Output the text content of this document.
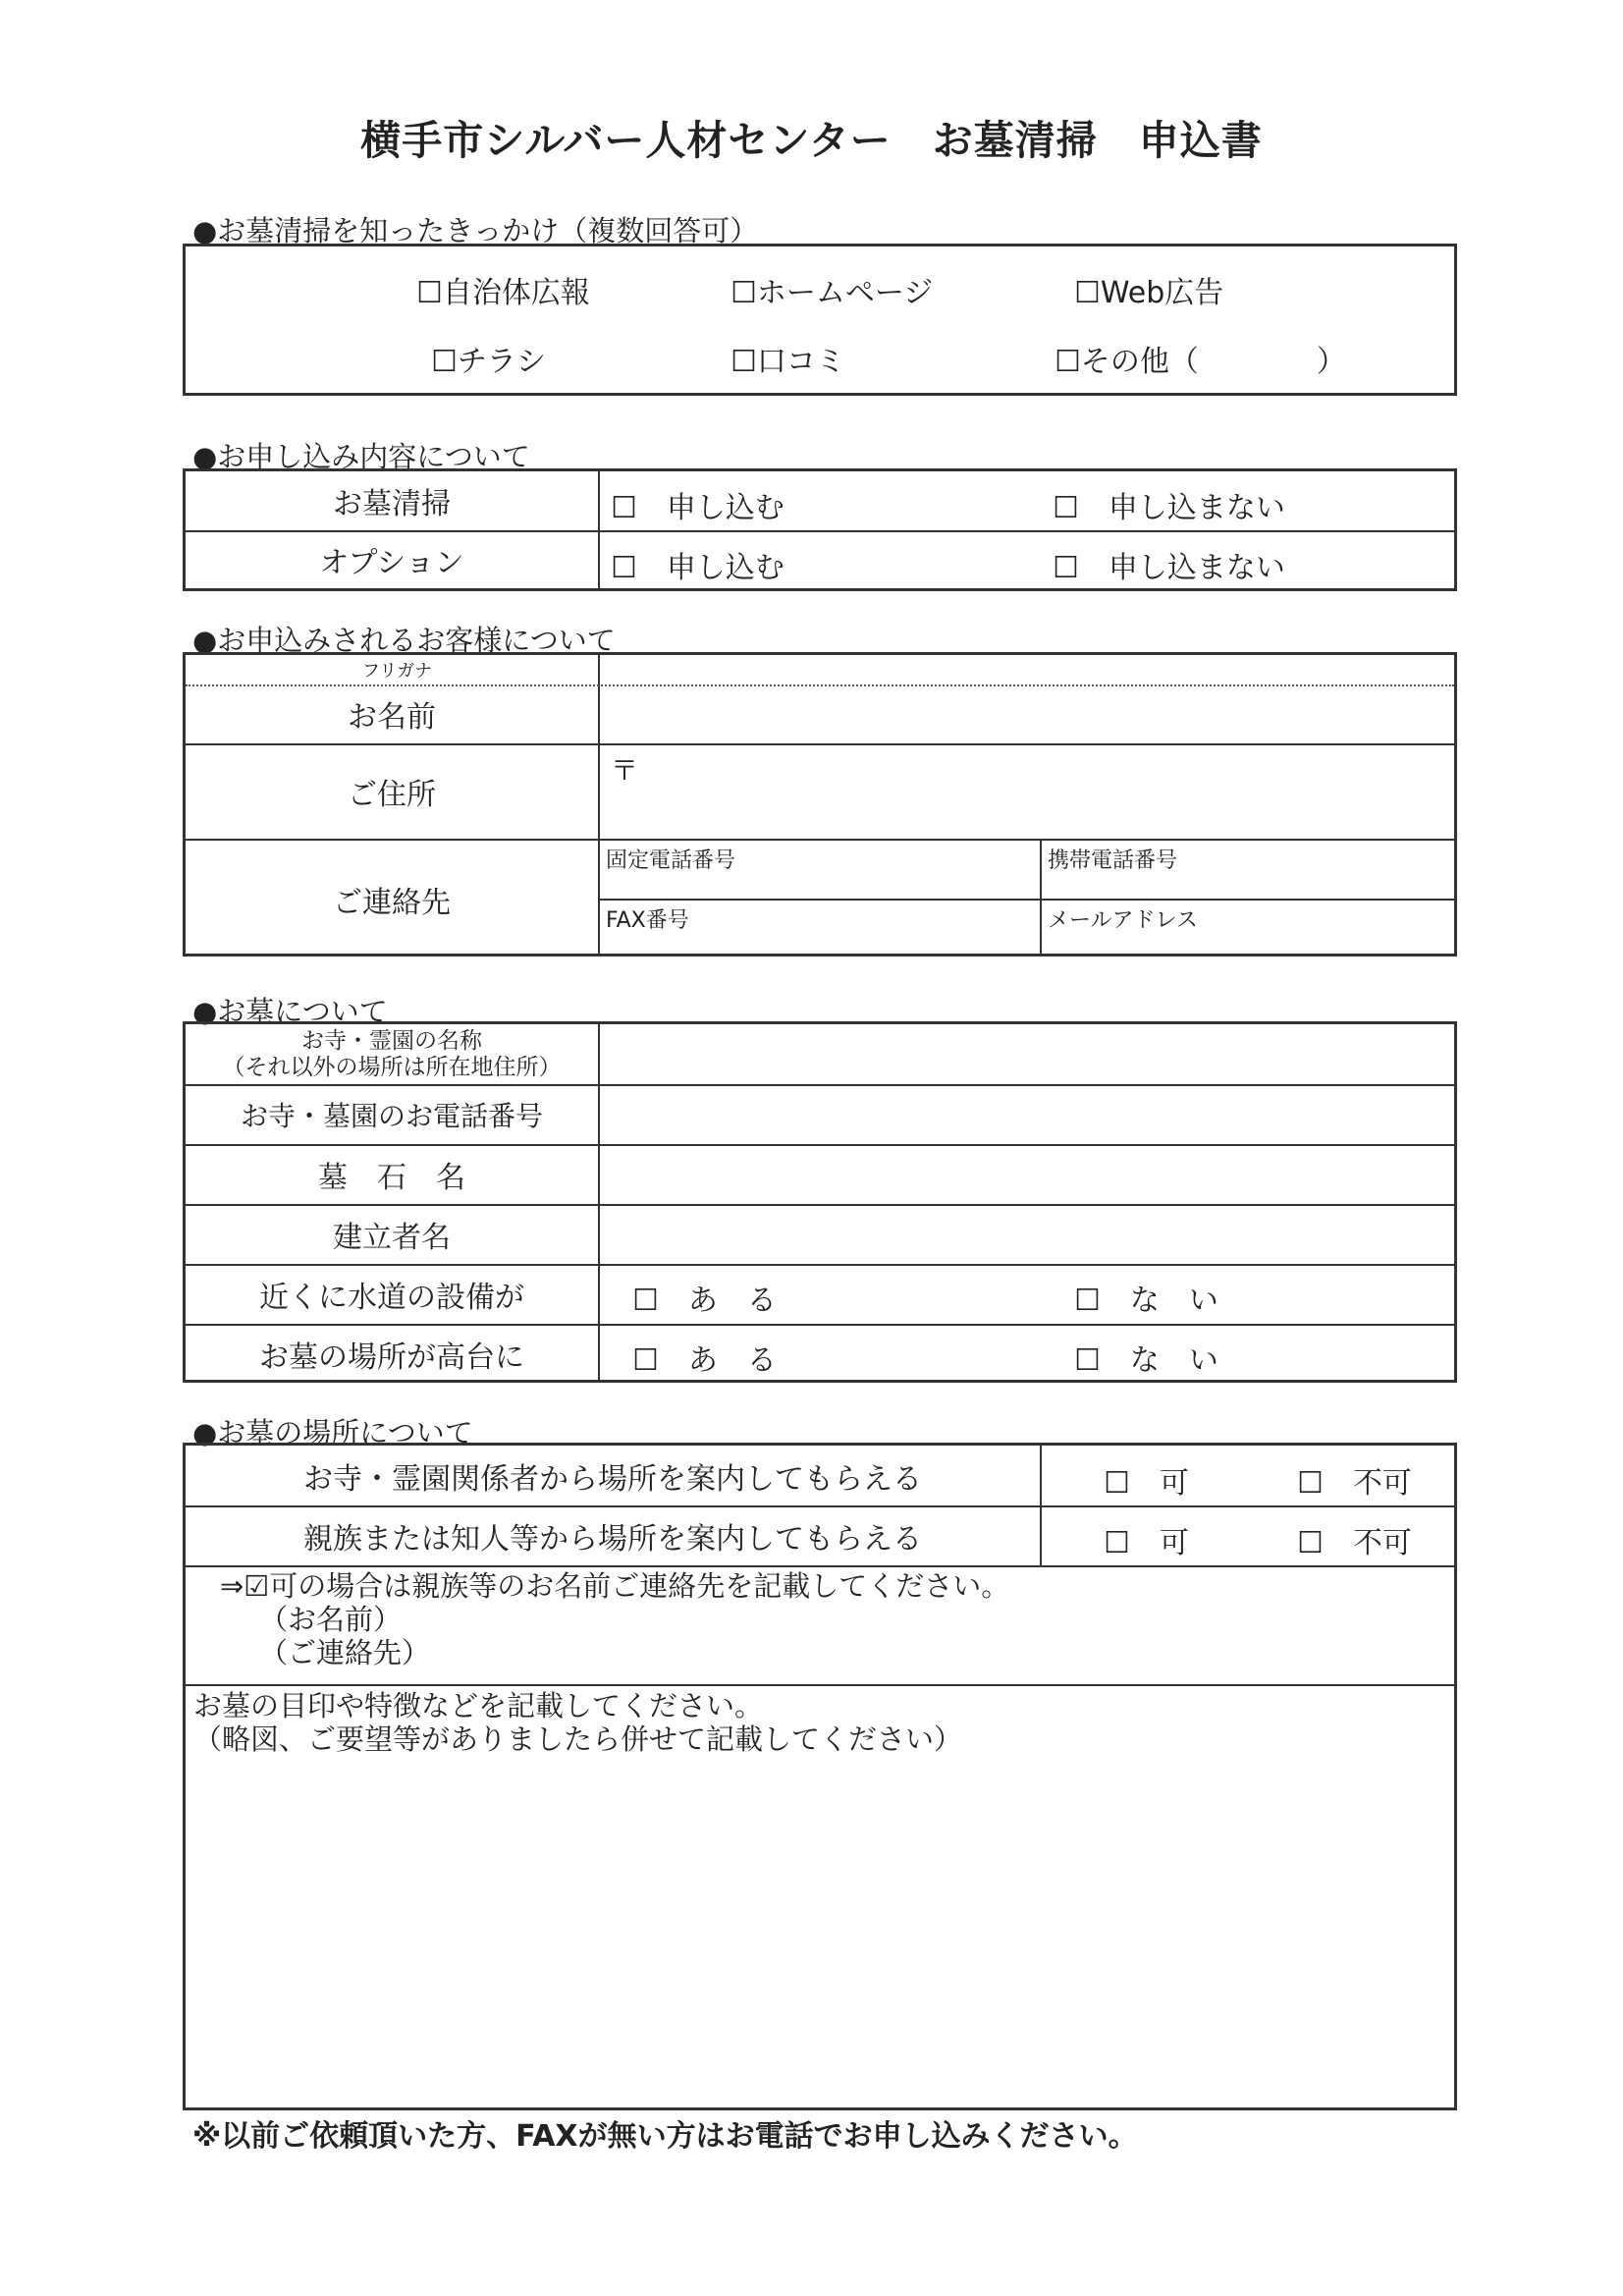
横手市シルバー人材センター　お墓清掃　申込書
●お墓清掃を知ったきっかけ（複数回答可）
☐自治体広報	☐ホームページ	☐Web広告
☐チラシ	☐口コミ	☐その他（　　　　）
●お申し込み内容について
お墓清掃	☐　申し込む	☐　申し込まない
オプション	☐　申し込む	☐　申し込まない
●お申込みされるお客様について
フリガナ
お名前
ご住所
〒
ご連絡先
固定電話番号	携帯電話番号
FAX番号	メールアドレス
●お墓について
お寺・霊園の名称
（それ以外の場所は所在地住所）
お寺・墓園のお電話番号
墓　石　名
建立者名
近くに水道の設備が	☐　あ　る	☐　な　い
お墓の場所が高台に	☐　あ　る	☐　な　い
●お墓の場所について
お寺・霊園関係者から場所を案内してもらえる	☐　可	☐　不可
親族または知人等から場所を案内してもらえる	☐　可	☐　不可
⇒☑可の場合は親族等のお名前ご連絡先を記載してください。
（お名前）
（ご連絡先）
お墓の目印や特徴などを記載してください。
（略図、ご要望等がありましたら併せて記載してください）
※以前ご依頼頂いた方、FAXが無い方はお電話でお申し込みください。
